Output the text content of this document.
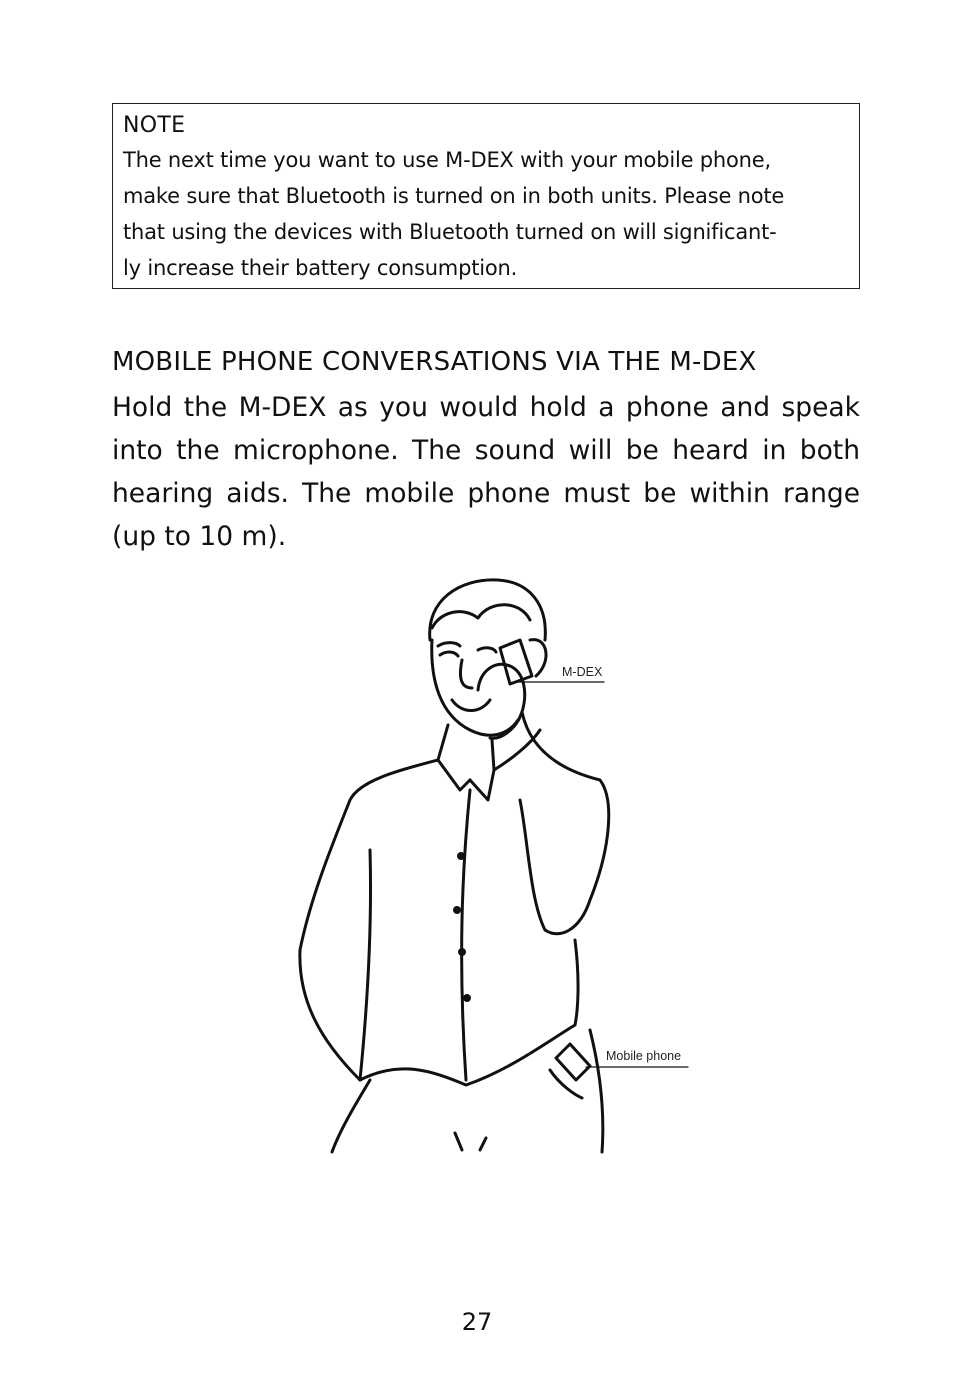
NOTE

The next time you want to use M-DEX with your mobile phone,
make sure that Bluetooth is turned on in both units. Please note
that using the devices with Bluetooth turned on will significant-
ly increase their battery consumption.

MOBILE PHONE CONVERSATIONS VIA THE M-DEX

Hold the M-DEX as you would hold a phone and speak into the microphone. The sound will be heard in both hearing aids. The mobile phone must be within range (up to 10 m).

M-DEX
Mobile phone

27
